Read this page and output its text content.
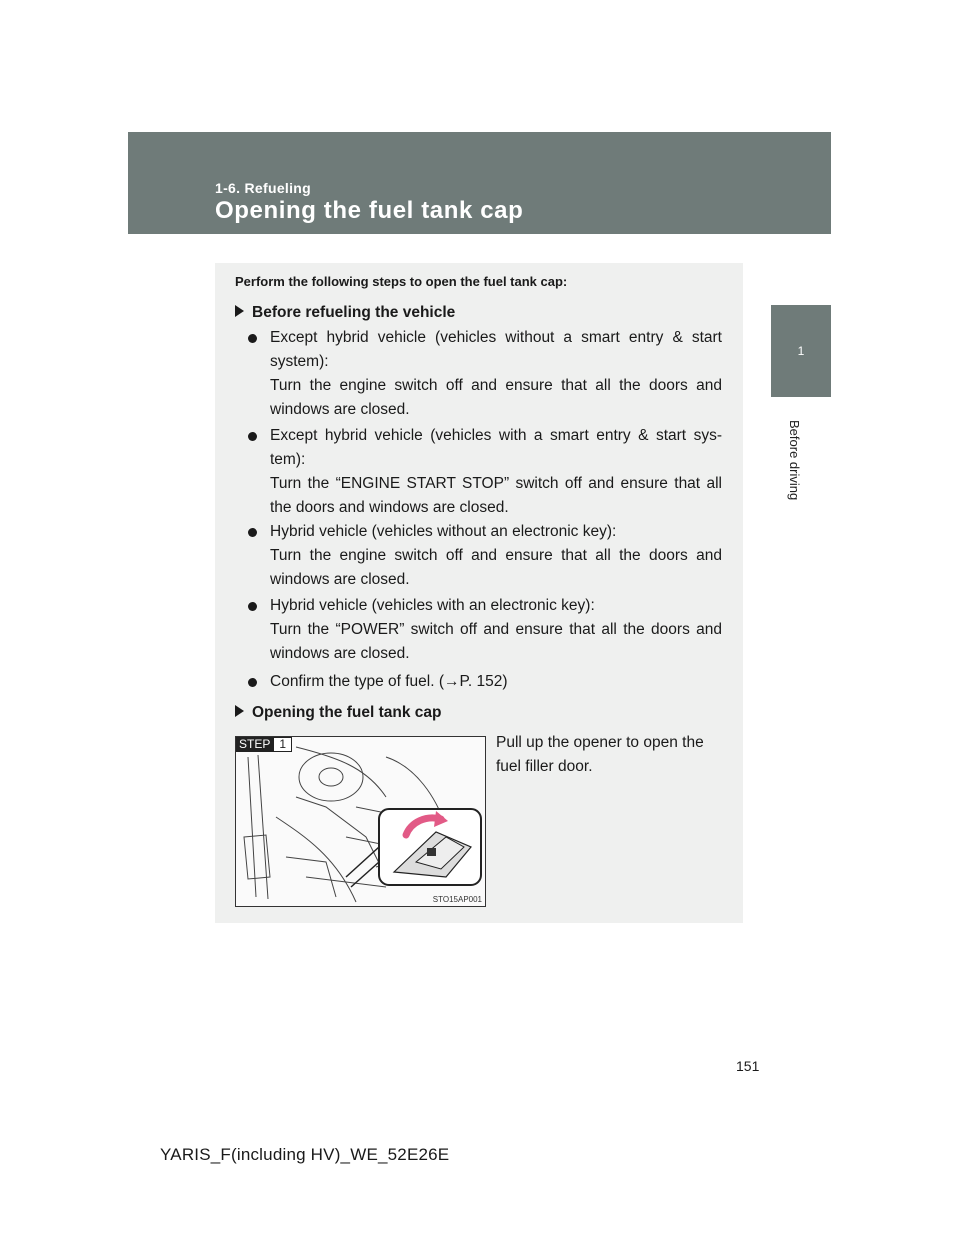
1-6. Refueling
Opening the fuel tank cap
1
Before driving
Perform the following steps to open the fuel tank cap:
Before refueling the vehicle
Except hybrid vehicle (vehicles without a smart entry & start system):
Turn the engine switch off and ensure that all the doors and windows are closed.
Except hybrid vehicle (vehicles with a smart entry & start sys-tem):
Turn the “ENGINE START STOP” switch off and ensure that all the doors and windows are closed.
Hybrid vehicle (vehicles without an electronic key):
Turn the engine switch off and ensure that all the doors and windows are closed.
Hybrid vehicle (vehicles with an electronic key):
Turn the “POWER” switch off and ensure that all the doors and windows are closed.
Confirm the type of fuel. (→P. 152)
Opening the fuel tank cap
STEP 1
STO15AP001
Pull up the opener to open the fuel filler door.
151
YARIS_F(including HV)_WE_52E26E
